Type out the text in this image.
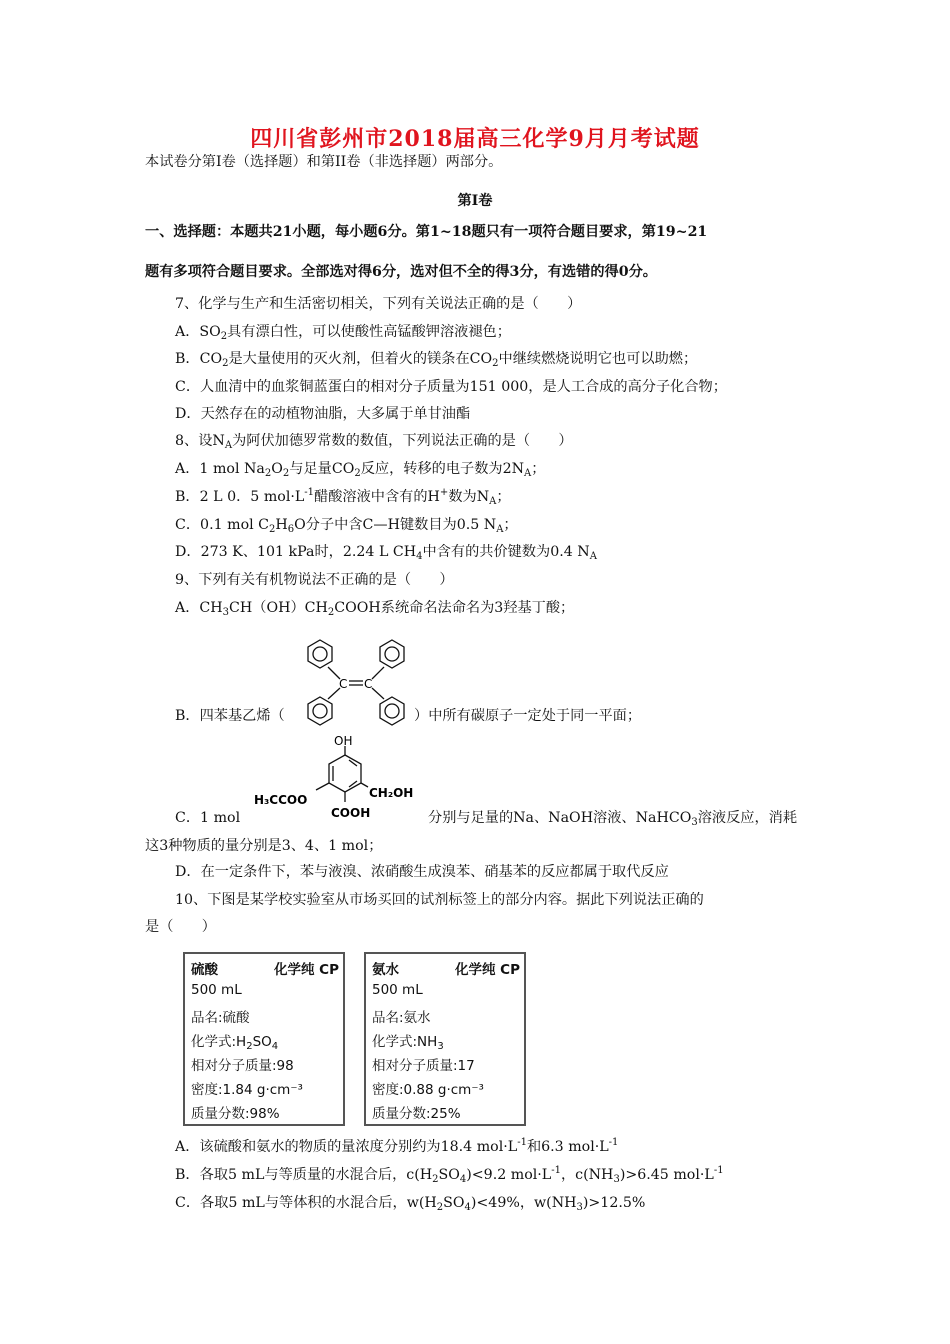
四川省彭州市2018届高三化学9月月考试题
本试卷分第I卷（选择题）和第II卷（非选择题）两部分。
第I卷
一、选择题：本题共21小题，每小题6分。第1~18题只有一项符合题目要求，第19~21
题有多项符合题目要求。全部选对得6分，选对但不全的得3分，有选错的得0分。
7、化学与生产和生活密切相关，下列有关说法正确的是（　　）
A．$SO_2$具有漂白性，可以使酸性高锰酸钾溶液褪色；
B．$CO_2$是大量使用的灭火剂，但着火的镁条在$CO_2$中继续燃烧说明它也可以助燃；
C．人血清中的血浆铜蓝蛋白的相对分子质量为151 000，是人工合成的高分子化合物；
D．天然存在的动植物油脂，大多属于单甘油酯
8、设$N_A$为阿伏加德罗常数的数值，下列说法正确的是（　　）
A．1 mol $Na_2O_2$与足量$CO_2$反应，转移的电子数为$2N_A$；
B．2 L 0．5 $mol\cdot L^{-1}$醋酸溶液中含有的H+数为$N_A$；
C．0.1 mol $C_2H_6O$分子中含C—H键数目为0.5 $N_A$；
D．273 K、101 kPa时，2.24 L $CH_4$中含有的共价键数为0.4 $N_A$
9、下列有关有机物说法不正确的是（　　）
A．$CH_3CH(OH)CH_2COOH$系统命名法命名为3羟基丁酸；
C C
B．四苯基乙烯（	）中所有碳原子一定处于同一平面；
OH
H₃CCOO	CH₂OH
COOH
C．1 mol	分别与足量的Na、NaOH溶液、NaHCO$_3$溶液反应，消耗
这3种物质的量分别是3、4、1 mol；
D．在一定条件下，苯与液溴、浓硝酸生成溴苯、硝基苯的反应都属于取代反应
10、下图是某学校实验室从市场买回的试剂标签上的部分内容。据此下列说法正确的
是（　　）
硫酸	化学纯 CP
500 mL
品名:硫酸
化学式$:H_2SO_4$
相对分子质量:98
密度:1.84 g·cm⁻³
质量分数:98%
氨水	化学纯 CP
500 mL
品名:氨水
化学式$:NH_3$
相对分子质量:17
密度:0.88 g·cm⁻³
质量分数:25%
A．该硫酸和氨水的物质的量浓度分别约为18.4 $mol\cdot L^{-1}$和6.3 $mol\cdot L^{-1}$
B．各取5 mL与等质量的水混合后，$c(H_2SO_4)<9.2$ $mol\cdot L^{-1}$，$c(NH_3)>6.45$ $mol\cdot L^{-1}$
C．各取5 mL与等体积的水混合后，$w(H_2SO_4)<49\%$，$w(NH_3)>12.5\%$
